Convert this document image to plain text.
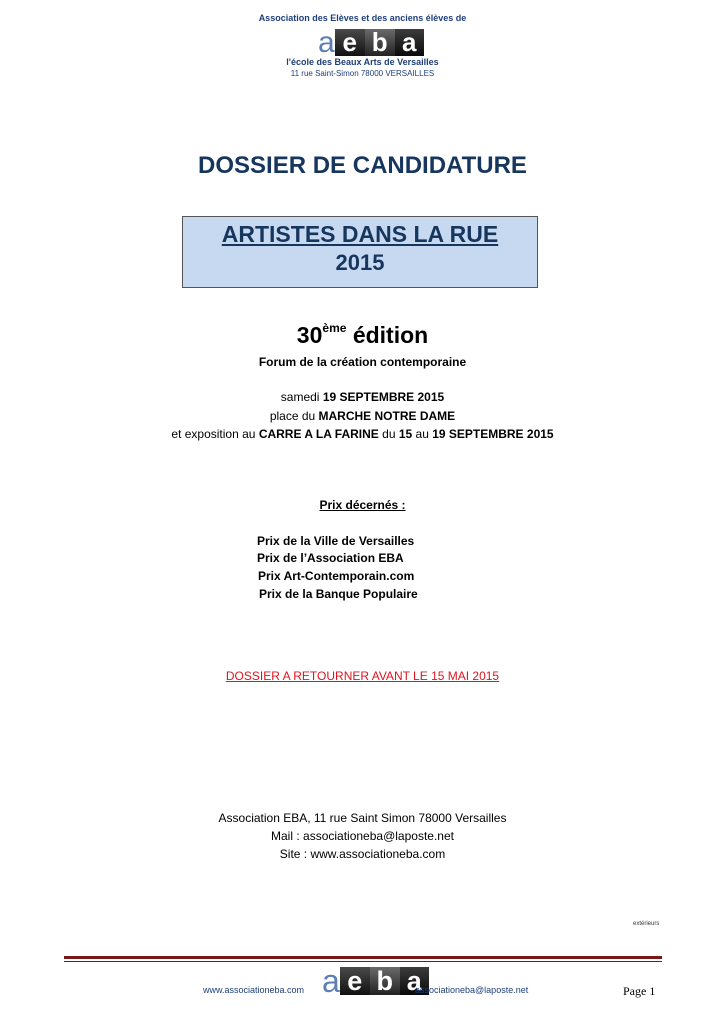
Association des Elèves et des anciens élèves de
a e b a
l'école des Beaux Arts de Versailles
11 rue Saint-Simon 78000 VERSAILLES
DOSSIER DE CANDIDATURE
ARTISTES DANS LA RUE
2015
30ème édition
Forum de la création contemporaine
samedi 19 SEPTEMBRE 2015
place du MARCHE NOTRE DAME
et exposition au CARRE A LA FARINE du 15 au 19 SEPTEMBRE 2015
Prix décernés :
Prix de la Ville de Versailles
Prix de l’Association EBA
Prix Art-Contemporain.com
Prix de la Banque Populaire
DOSSIER A RETOURNER AVANT LE 15 MAI 2015
Association EBA, 11 rue Saint Simon 78000 Versailles
Mail : associationeba@laposte.net
Site : www.associationeba.com
extérieurs
www.associationeba.com a e b a
associationeba@laposte.net	Page 1
